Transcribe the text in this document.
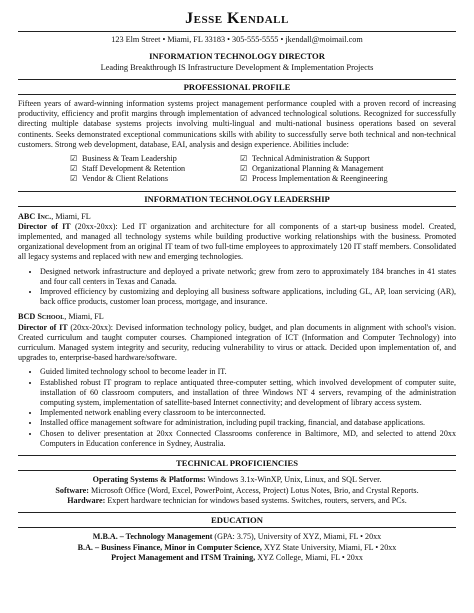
Jesse Kendall
123 Elm Street • Miami, FL 33183 • 305-555-5555 • jkendall@moimail.com
INFORMATION TECHNOLOGY DIRECTOR
Leading Breakthrough IS Infrastructure Development & Implementation Projects
PROFESSIONAL PROFILE

Fifteen years of award-winning information systems project management performance coupled with a proven record of increasing productivity, efficiency and profit margins through implementation of advanced technological solutions. Recognized for successfully directing multiple database systems projects involving multi-lingual and multi-national business operations based on several continents. Seeks demonstrated exceptional communications skills with ability to successfully serve both technical and non-technical customers. Strong web development, database, EAI, analysis and design experience. Abilities include:

☑ Business & Team Leadership
☑ Staff Development & Retention
☑ Vendor & Client Relations
☑ Technical Administration & Support
☑ Organizational Planning & Management
☑ Process Implementation & Reengineering
INFORMATION TECHNOLOGY LEADERSHIP
ABC Inc., Miami, FL

Director of IT (20xx-20xx): Led IT organization and architecture for all components of a start-up business model. Created, implemented, and managed all technology systems while building productive working relationships with the business. Promoted organizational development from an original IT team of two full-time employees to approximately 120 IT staff members. Consolidated all legacy systems and replaced with new and emerging technologies.

• Designed network infrastructure and deployed a private network; grew from zero to approximately 184 branches in 41 states and four call centers in Texas and Canada.
• Improved efficiency by customizing and deploying all business software applications, including GL, AP, loan servicing (AR), back office products, customer loan process, mortgage, and insurance.
BCD School, Miami, FL

Director of IT (20xx-20xx): Devised information technology policy, budget, and plan documents in alignment with school's vision. Created curriculum and taught computer courses. Championed integration of ICT (Information and Computer Technology) into curriculum. Managed system integrity and security, reducing vulnerability to virus or attack. Decided upon implementation of, and upgrades to, enterprise-based hardware/software.

• Guided limited technology school to become leader in IT.
• Established robust IT program to replace antiquated three-computer setting, which involved development of computer suite, installation of 60 classroom computers, and installation of three Windows NT 4 servers, revamping of the administration computing system, implementation of satellite-based Internet connectivity; and development of library access system.
• Implemented network enabling every classroom to be interconnected.
• Installed office management software for administration, including pupil tracking, financial, and database applications.
• Chosen to deliver presentation at 20xx Connected Classrooms conference in Baltimore, MD, and selected to attend 20xx Computers in Education conference in Sydney, Australia.
TECHNICAL PROFICIENCIES
Operating Systems & Platforms: Windows 3.1x-WinXP, Unix, Linux, and SQL Server.
Software: Microsoft Office (Word, Excel, PowerPoint, Access, Project) Lotus Notes, Brio, and Crystal Reports.
Hardware: Expert hardware technician for windows based systems. Switches, routers, servers, and PCs.
EDUCATION
M.B.A. – Technology Management (GPA: 3.75), University of XYZ, Miami, FL • 20xx
B.A. – Business Finance, Minor in Computer Science, XYZ State University, Miami, FL • 20xx
Project Management and ITSM Training, XYZ College, Miami, FL • 20xx
